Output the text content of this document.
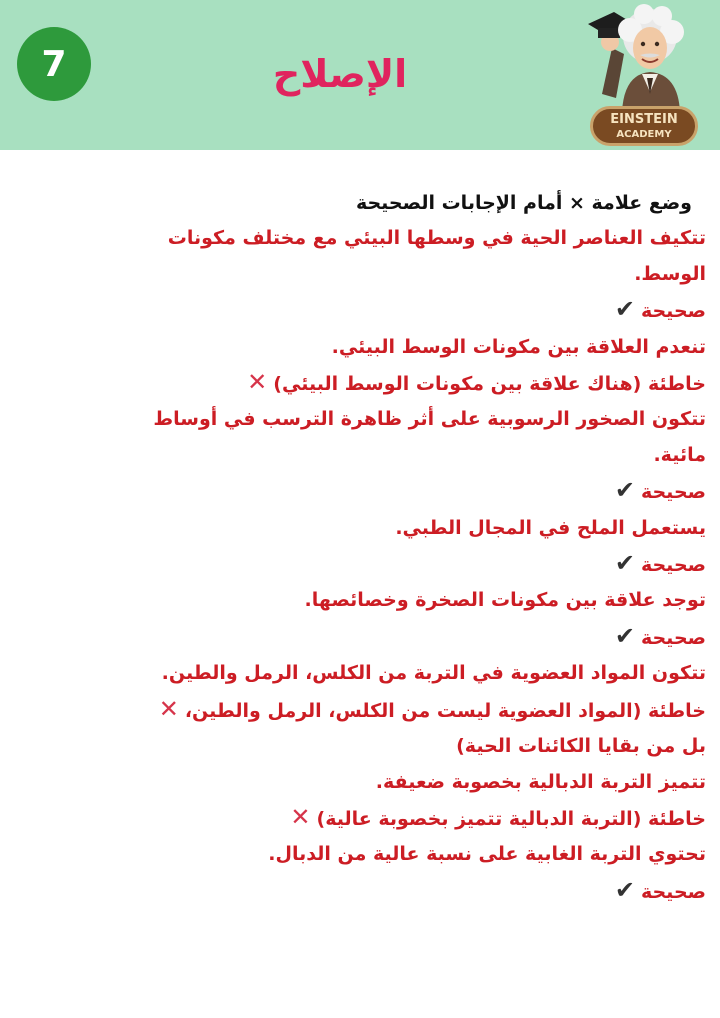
7	الإصلاح
EINSTEIN
ACADEMY
وضع علامة × أمام الإجابات الصحيحة
تتكيف العناصر الحية في وسطها البيئي مع مختلف مكونات
الوسط.
صحيحة✔
تنعدم العلاقة بين مكونات الوسط البيئي.
خاطئة (هناك علاقة بين مكونات الوسط البيئي)✕
تتكون الصخور الرسوبية على أثر ظاهرة الترسب في أوساط
مائية.
صحيحة✔
يستعمل الملح في المجال الطبي.
صحيحة✔
توجد علاقة بين مكونات الصخرة وخصائصها.
صحيحة✔
تتكون المواد العضوية في التربة من الكلس، الرمل والطين.
خاطئة (المواد العضوية ليست من الكلس، الرمل والطين،✕
بل من بقايا الكائنات الحية)
تتميز التربة الدبالية بخصوبة ضعيفة.
خاطئة (التربة الدبالية تتميز بخصوبة عالية)✕
تحتوي التربة الغابية على نسبة عالية من الدبال.
صحيحة✔
